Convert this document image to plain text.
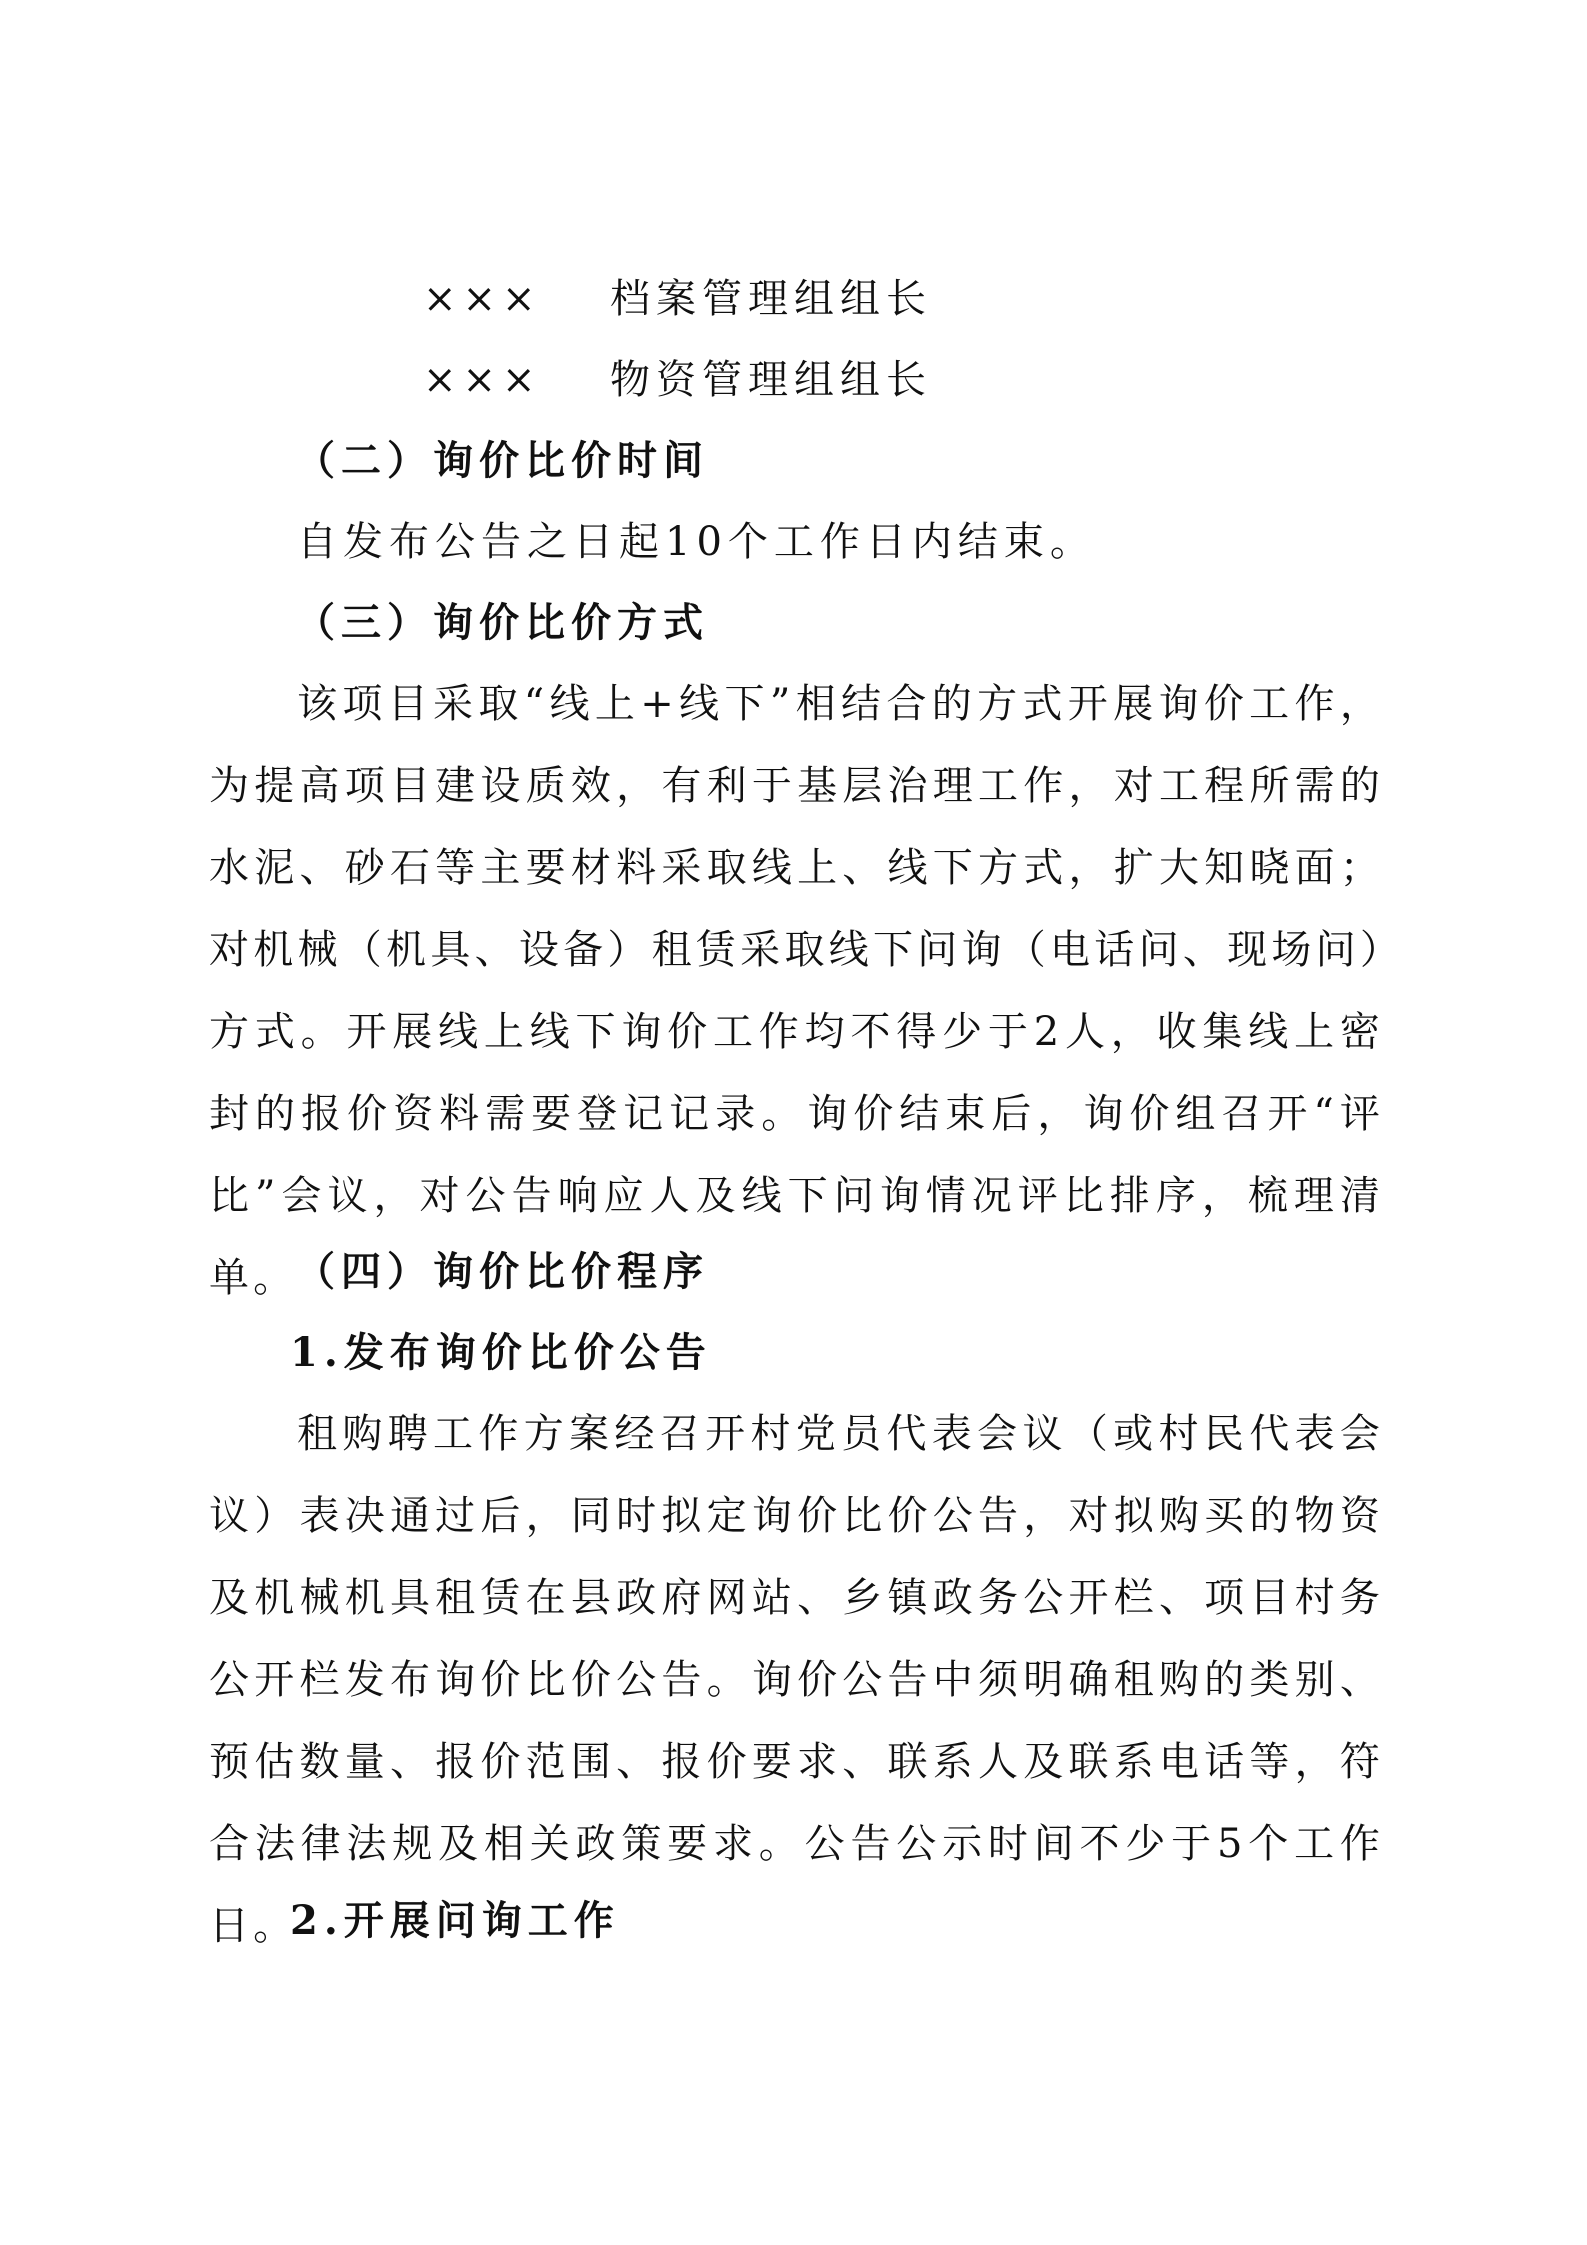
××× 档案管理组组长
××× 物资管理组组长
（二）询价比价时间
自发布公告之日起10个工作日内结束。
（三）询价比价方式

该项目采取“线上+线下”相结合的方式开展询价工作，为提高项目建设质效，有利于基层治理工作，对工程所需的水泥、砂石等主要材料采取线上、线下方式，扩大知晓面；对机械（机具、设备）租赁采取线下问询（电话问、现场问）方式。开展线上线下询价工作均不得少于2人，收集线上密封的报价资料需要登记记录。询价结束后，询价组召开“评比”会议，对公告响应人及线下问询情况评比排序，梳理清单。

（四）询价比价程序
1.发布询价比价公告

租购聘工作方案经召开村党员代表会议（或村民代表会议）表决通过后，同时拟定询价比价公告，对拟购买的物资及机械机具租赁在县政府网站、乡镇政务公开栏、项目村务公开栏发布询价比价公告。询价公告中须明确租购的类别、预估数量、报价范围、报价要求、联系人及联系电话等，符合法律法规及相关政策要求。公告公示时间不少于5个工作日。

2.开展问询工作
